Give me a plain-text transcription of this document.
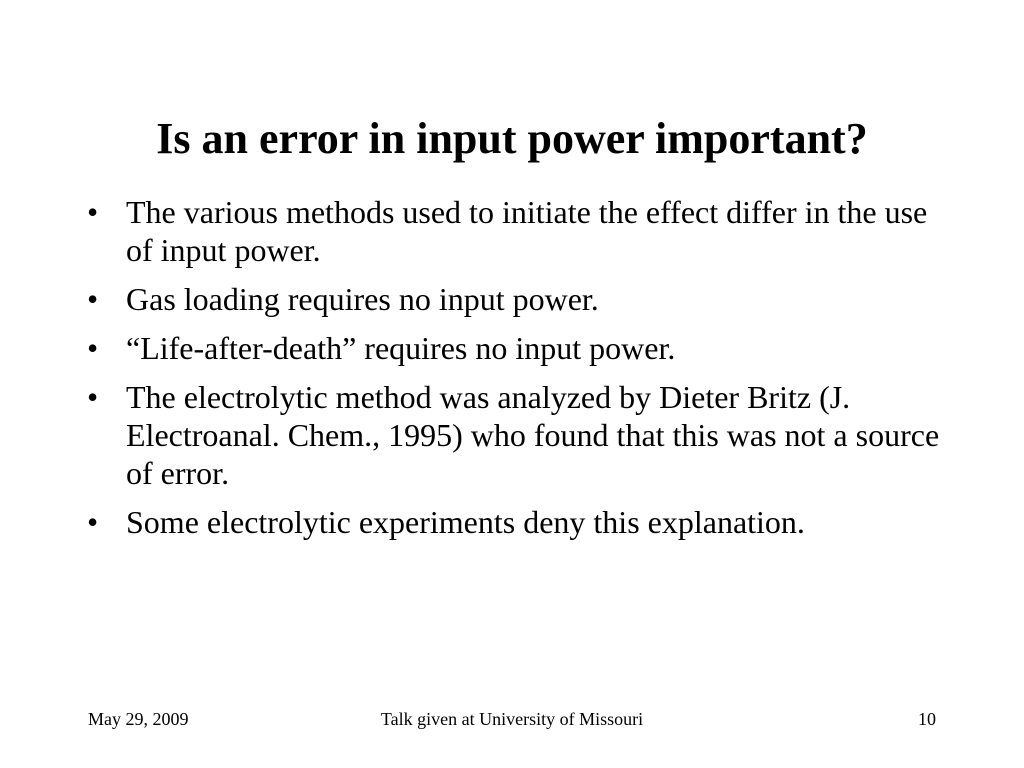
Is an error in input power important?
• The various methods used to initiate the effect differ in the use of input power.
• Gas loading requires no input power.
• “Life-after-death” requires no input power.
• The electrolytic method was analyzed by Dieter Britz (J. Electroanal. Chem., 1995) who found that this was not a source of error.
• Some electrolytic experiments deny this explanation.
May 29, 2009	Talk given at University of Missouri	10
